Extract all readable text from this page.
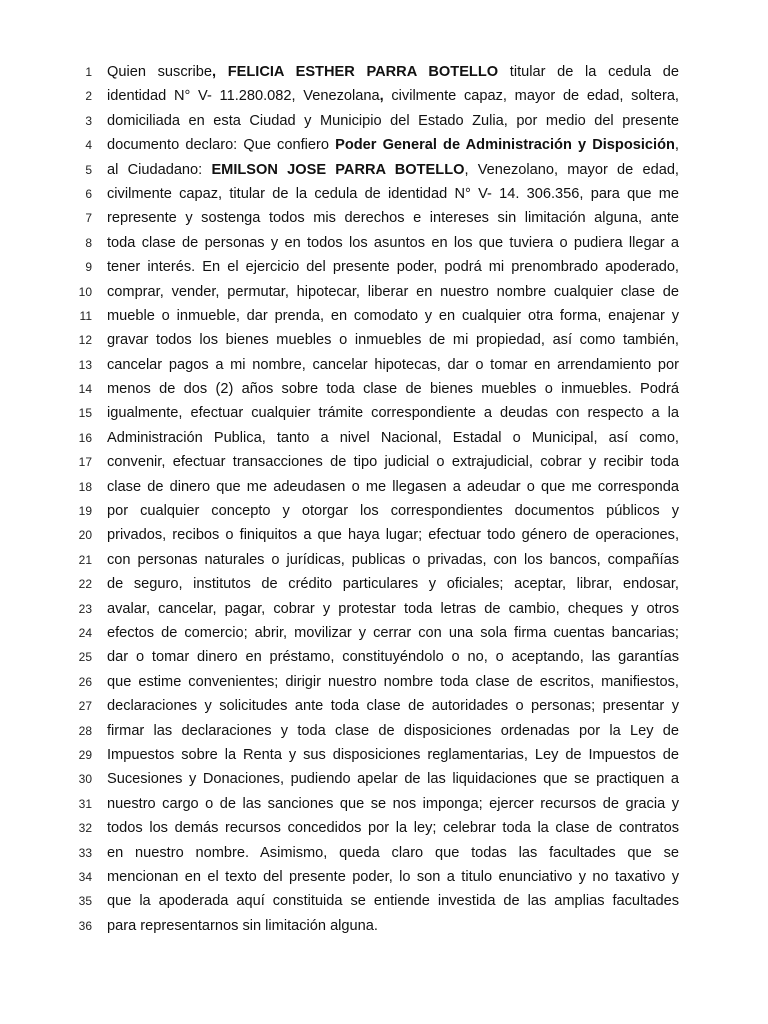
1 Quien suscribe, FELICIA ESTHER PARRA BOTELLO titular de la cedula de
2 identidad N° V- 11.280.082, Venezolana, civilmente capaz, mayor de edad, soltera,
3 domiciliada en esta Ciudad y Municipio del Estado Zulia, por medio del presente
4 documento declaro: Que confiero Poder General de Administración y Disposición,
5 al Ciudadano: EMILSON JOSE PARRA BOTELLO, Venezolano, mayor de edad,
6 civilmente capaz, titular de la cedula de identidad N° V- 14. 306.356, para que me
7 represente y sostenga todos mis derechos e intereses sin limitación alguna, ante
8 toda clase de personas y en todos los asuntos en los que tuviera o pudiera llegar a
9 tener interés. En el ejercicio del presente poder, podrá mi prenombrado apoderado,
10 comprar, vender, permutar, hipotecar, liberar en nuestro nombre cualquier clase de
11 mueble o inmueble, dar prenda, en comodato y en cualquier otra forma, enajenar y
12 gravar todos los bienes muebles o inmuebles de mi propiedad, así como también,
13 cancelar pagos a mi nombre, cancelar hipotecas, dar o tomar en arrendamiento por
14 menos de dos (2) años sobre toda clase de bienes muebles o inmuebles. Podrá
15 igualmente, efectuar cualquier trámite correspondiente a deudas con respecto a la
16 Administración Publica, tanto a nivel Nacional, Estadal o Municipal, así como,
17 convenir, efectuar transacciones de tipo judicial o extrajudicial, cobrar y recibir toda
18 clase de dinero que me adeudasen o me llegasen a adeudar o que me corresponda
19 por cualquier concepto y otorgar los correspondientes documentos públicos y
20 privados, recibos o finiquitos a que haya lugar; efectuar todo género de operaciones,
21 con personas naturales o jurídicas, publicas o privadas, con los bancos, compañías
22 de seguro, institutos de crédito particulares y oficiales; aceptar, librar, endosar,
23 avalar, cancelar, pagar, cobrar y protestar toda letras de cambio, cheques y otros
24 efectos de comercio; abrir, movilizar y cerrar con una sola firma cuentas bancarias;
25 dar o tomar dinero en préstamo, constituyéndolo o no, o aceptando, las garantías
26 que estime convenientes; dirigir nuestro nombre toda clase de escritos, manifiestos,
27 declaraciones y solicitudes ante toda clase de autoridades o personas; presentar y
28 firmar las declaraciones y toda clase de disposiciones ordenadas por la Ley de
29 Impuestos sobre la Renta y sus disposiciones reglamentarias, Ley de Impuestos de
30 Sucesiones y Donaciones, pudiendo apelar de las liquidaciones que se practiquen a
31 nuestro cargo o de las sanciones que se nos imponga; ejercer recursos de gracia y
32 todos los demás recursos concedidos por la ley; celebrar toda la clase de contratos
33 en nuestro nombre. Asimismo, queda claro que todas las facultades que se
34 mencionan en el texto del presente poder, lo son a titulo enunciativo y no taxativo y
35 que la apoderada aquí constituida se entiende investida de las amplias facultades
36 para representarnos sin limitación alguna.
